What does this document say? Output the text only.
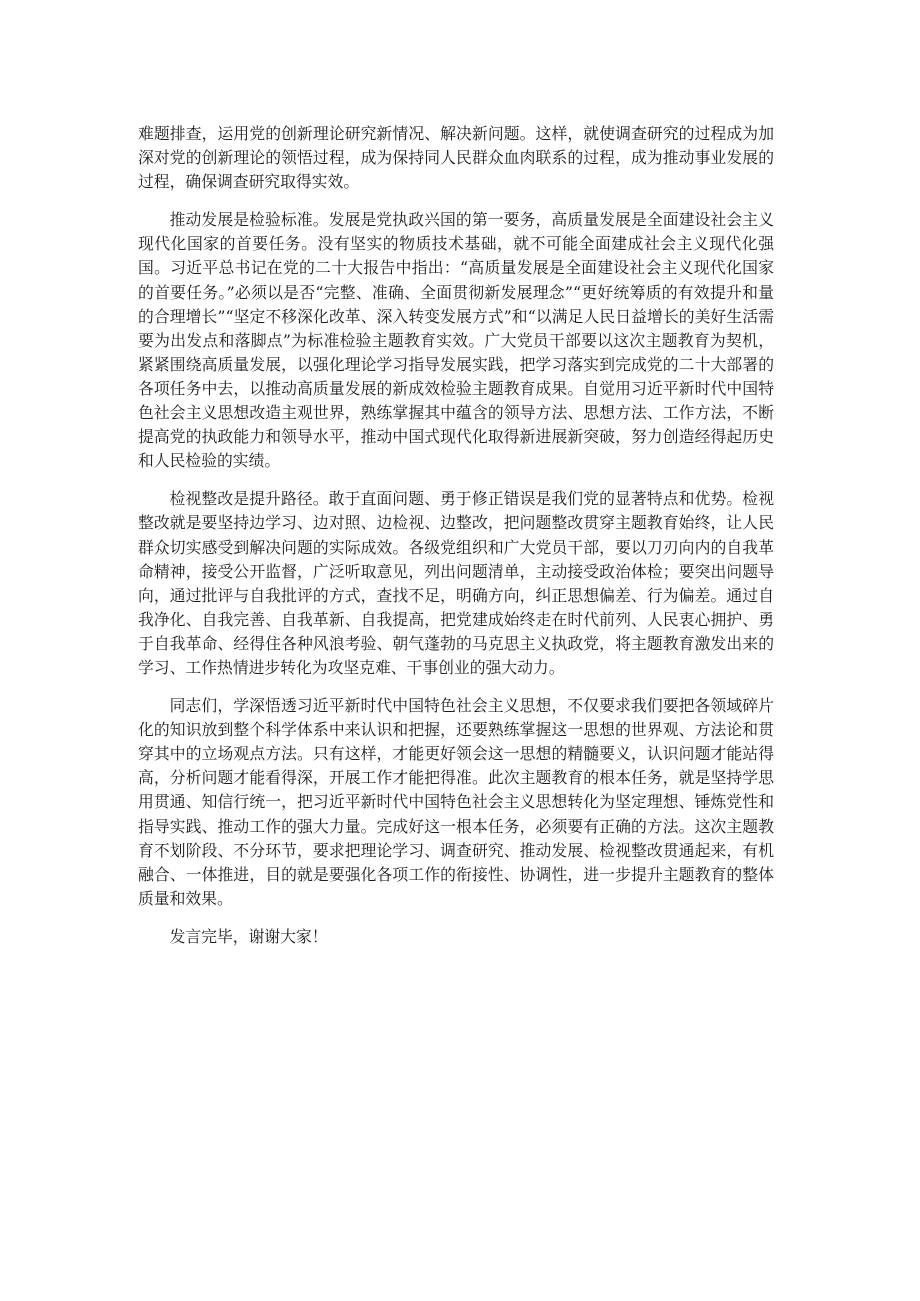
难题排查，运用党的创新理论研究新情况、解决新问题。这样，就使调查研究的过程成为加深对党的创新理论的领悟过程，成为保持同人民群众血肉联系的过程，成为推动事业发展的过程，确保调查研究取得实效。

推动发展是检验标准。发展是党执政兴国的第一要务，高质量发展是全面建设社会主义现代化国家的首要任务。没有坚实的物质技术基础，就不可能全面建成社会主义现代化强国。习近平总书记在党的二十大报告中指出：“高质量发展是全面建设社会主义现代化国家的首要任务。”必须以是否“完整、准确、全面贯彻新发展理念”“更好统筹质的有效提升和量的合理增长”“坚定不移深化改革、深入转变发展方式”和“以满足人民日益增长的美好生活需要为出发点和落脚点”为标准检验主题教育实效。广大党员干部要以这次主题教育为契机，紧紧围绕高质量发展，以强化理论学习指导发展实践，把学习落实到完成党的二十大部署的各项任务中去，以推动高质量发展的新成效检验主题教育成果。自觉用习近平新时代中国特色社会主义思想改造主观世界，熟练掌握其中蕴含的领导方法、思想方法、工作方法，不断提高党的执政能力和领导水平，推动中国式现代化取得新进展新突破，努力创造经得起历史和人民检验的实绩。

检视整改是提升路径。敢于直面问题、勇于修正错误是我们党的显著特点和优势。检视整改就是要坚持边学习、边对照、边检视、边整改，把问题整改贯穿主题教育始终，让人民群众切实感受到解决问题的实际成效。各级党组织和广大党员干部，要以刀刃向内的自我革命精神，接受公开监督，广泛听取意见，列出问题清单，主动接受政治体检；要突出问题导向，通过批评与自我批评的方式，查找不足，明确方向，纠正思想偏差、行为偏差。通过自我净化、自我完善、自我革新、自我提高，把党建成始终走在时代前列、人民衷心拥护、勇于自我革命、经得住各种风浪考验、朝气蓬勃的马克思主义执政党，将主题教育激发出来的学习、工作热情进步转化为攻坚克难、干事创业的强大动力。

同志们，学深悟透习近平新时代中国特色社会主义思想，不仅要求我们要把各领域碎片化的知识放到整个科学体系中来认识和把握，还要熟练掌握这一思想的世界观、方法论和贯穿其中的立场观点方法。只有这样，才能更好领会这一思想的精髓要义，认识问题才能站得高，分析问题才能看得深，开展工作才能把得准。此次主题教育的根本任务，就是坚持学思用贯通、知信行统一，把习近平新时代中国特色社会主义思想转化为坚定理想、锤炼党性和指导实践、推动工作的强大力量。完成好这一根本任务，必须要有正确的方法。这次主题教育不划阶段、不分环节，要求把理论学习、调查研究、推动发展、检视整改贯通起来，有机融合、一体推进，目的就是要强化各项工作的衔接性、协调性，进一步提升主题教育的整体质量和效果。

发言完毕，谢谢大家！
